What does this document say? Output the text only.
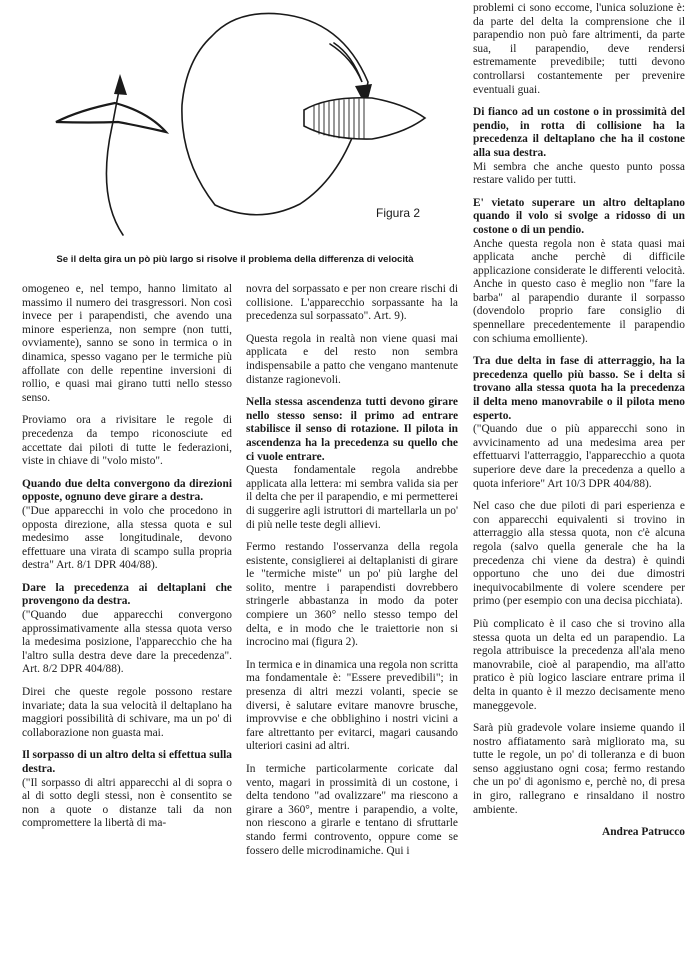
Figura 2
Se il delta gira un pò più largo si risolve il problema della differenza di velocità

omogeneo e, nel tempo, hanno limitato al massimo il numero dei trasgressori. Non così invece per i parapendisti, che avendo una minore esperienza, non sempre (non tutti, ovviamente), sanno se sono in termica o in dinamica, spesso vagano per le termiche più affollate con delle repentine inversioni di rollio, e quasi mai girano tutti nello stesso senso.

Proviamo ora a rivisitare le regole di precedenza da tempo riconosciute ed accettate dai piloti di tutte le federazioni, viste in chiave di "volo misto".

Quando due delta convergono da direzioni opposte, ognuno deve girare a destra.

("Due apparecchi in volo che procedono in opposta direzione, alla stessa quota e sul medesimo asse longitudinale, devono effettuare una virata di scampo sulla propria destra" Art. 8/1 DPR 404/88).

Dare la precedenza ai deltaplani che provengono da destra.

("Quando due apparecchi convergono approssimativamente alla stessa quota verso la medesima posizione, l'apparecchio che ha l'altro sulla destra deve dare la precedenza". Art. 8/2 DPR 404/88).

Direi che queste regole possono restare invariate; data la sua velocità il deltaplano ha maggiori possibilità di schivare, ma un po' di collaborazione non guasta mai.

Il sorpasso di un altro delta si effettua sulla destra.

("Il sorpasso di altri apparecchi al di sopra o al di sotto degli stessi, non è consentito se non a quote o distanze tali da non compromettere la libertà di ma-

novra del sorpassato e per non creare rischi di collisione. L'apparecchio sorpassante ha la precedenza sul sorpassato". Art. 9).

Questa regola in realtà non viene quasi mai applicata e del resto non sembra indispensabile a patto che vengano mantenute distanze ragionevoli.

Nella stessa ascendenza tutti devono girare nello stesso senso: il primo ad entrare stabilisce il senso di rotazione. Il pilota in ascendenza ha la precedenza su quello che ci vuole entrare.

Questa fondamentale regola andrebbe applicata alla lettera: mi sembra valida sia per il delta che per il parapendio, e mi permetterei di suggerire agli istruttori di martellarla un po' di più nelle teste degli allievi.

Fermo restando l'osservanza della regola esistente, consiglierei ai deltaplanisti di girare le "termiche miste" un po' più larghe del solito, mentre i parapendisti dovrebbero stringerle abbastanza in modo da poter compiere un 360° nello stesso tempo del delta, e in modo che le traiettorie non si incrocino mai (figura 2).

In termica e in dinamica una regola non scritta ma fondamentale è: "Essere prevedibili"; in presenza di altri mezzi volanti, specie se diversi, è salutare evitare manovre brusche, improvvise e che obblighino i nostri vicini a fare altrettanto per evitarci, magari causando ulteriori casini ad altri.

In termiche particolarmente coricate dal vento, magari in prossimità di un costone, i delta tendono "ad ovalizzare" ma riescono a girare a 360°, mentre i parapendio, a volte, non riescono a girarle e tentano di sfruttarle stando fermi controvento, oppure come se fossero delle microdinamiche. Qui i

problemi ci sono eccome, l'unica soluzione è: da parte del delta la comprensione che il parapendio non può fare altrimenti, da parte sua, il parapendio, deve rendersi estremamente prevedibile; tutti devono controllarsi costantemente per prevenire eventuali guai.

Di fianco ad un costone o in prossimità del pendio, in rotta di collisione ha la precedenza il deltaplano che ha il costone alla sua destra.

Mi sembra che anche questo punto possa restare valido per tutti.

E' vietato superare un altro deltaplano quando il volo si svolge a ridosso di un costone o di un pendio.

Anche questa regola non è stata quasi mai applicata anche perchè di difficile applicazione considerate le differenti velocità. Anche in questo caso è meglio non "fare la barba" al parapendio durante il sorpasso (dovendolo proprio fare consiglio di spennellare precedentemente il parapendio con schiuma emolliente).

Tra due delta in fase di atterraggio, ha la precedenza quello più basso. Se i delta si trovano alla stessa quota ha la precedenza il delta meno manovrabile o il pilota meno esperto.

("Quando due o più apparecchi sono in avvicinamento ad una medesima area per effettuarvi l'atterraggio, l'apparecchio a quota superiore deve dare la precedenza a quello a quota inferiore" Art 10/3 DPR 404/88).

Nel caso che due piloti di pari esperienza e con apparecchi equivalenti si trovino in atterraggio alla stessa quota, non c'è alcuna regola (salvo quella generale che ha la precedenza chi viene da destra) è quindi opportuno che uno dei due dimostri inequivocabilmente di volere scendere per primo (per esempio con una decisa picchiata).

Più complicato è il caso che si trovino alla stessa quota un delta ed un parapendio. La regola attribuisce la precedenza all'ala meno manovrabile, cioè al parapendio, ma all'atto pratico è più logico lasciare entrare prima il delta in quanto è il mezzo decisamente meno maneggevole.

Sarà più gradevole volare insieme quando il nostro affiatamento sarà migliorato ma, su tutte le regole, un po' di tolleranza e di buon senso aggiustano ogni cosa; fermo restando che un po' di agonismo e, perchè no, di presa in giro, rallegrano e rinsaldano il nostro ambiente.

Andrea Patrucco
